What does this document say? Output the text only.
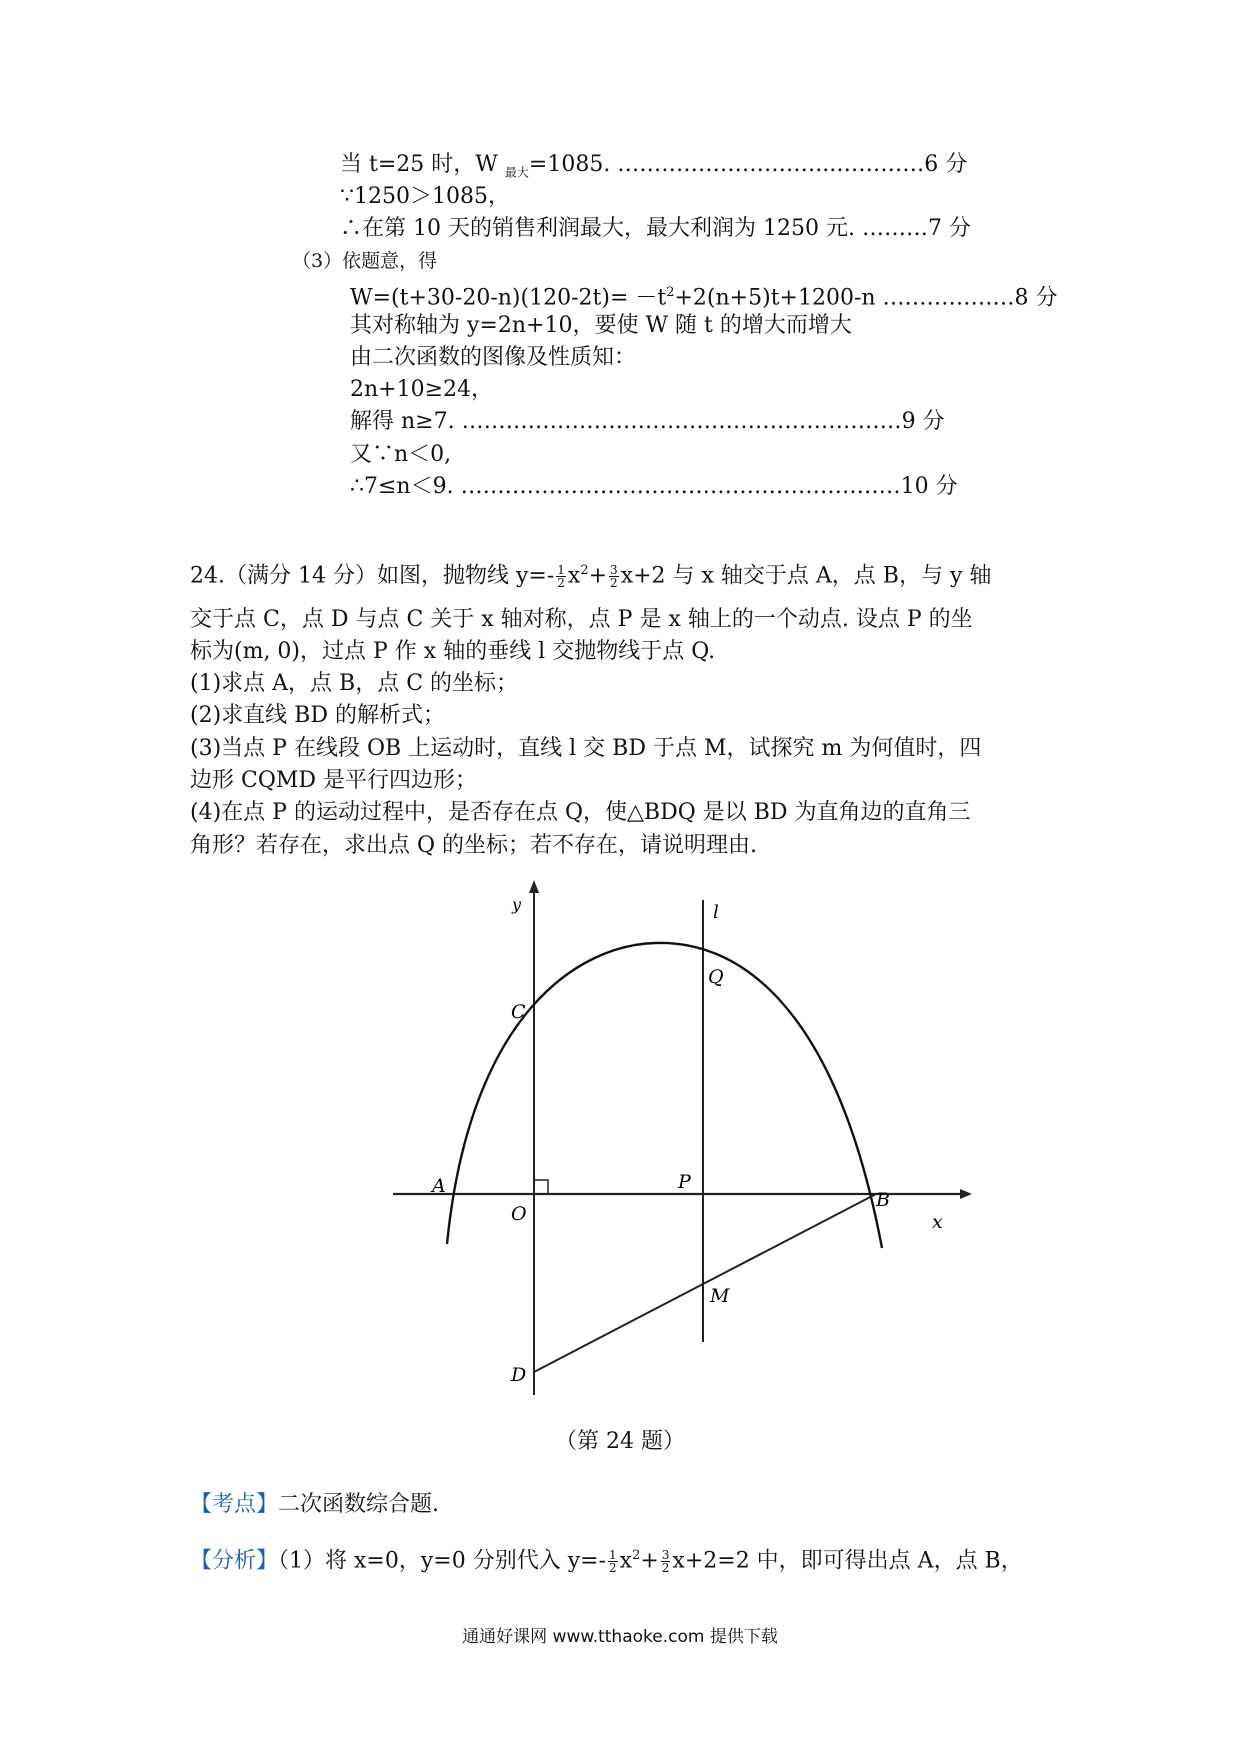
当 t=25 时，W $_{最大}$=1085. ………………………...…………6 分
∵1250＞1085，
∴在第 10 天的销售利润最大，最大利润为 1250 元. ………7 分
（3）依题意，得
$W=(t+30-20-n)(120-2t)= -t^2+2(n+5)t+1200-n$ ………………8 分
其对称轴为 y=2n+10，要使 W 随 t 的增大而增大
由二次函数的图像及性质知：
2n+10≥24，
解得 n≥7. ……………………………………………………9 分
又∵n＜0,
∴7≤n＜9. ……………………………………………………10 分
24.（满分 14 分）如图，抛物线 $y=- \frac{1}{2} x^2+ \frac{3}{2} x+2$ 与 x 轴交于点 A，点 B，与 y 轴
交于点 C，点 D 与点 C 关于 x 轴对称，点 P 是 x 轴上的一个动点. 设点 P 的坐
标为(m, 0)，过点 P 作 x 轴的垂线 l 交抛物线于点 Q.
(1)求点 A，点 B，点 C 的坐标；
(2)求直线 BD 的解析式；
(3)当点 P 在线段 OB 上运动时，直线 l 交 BD 于点 M，试探究 m 为何值时，四
边形 CQMD 是平行四边形；
(4)在点 P 的运动过程中，是否存在点 Q，使△BDQ 是以 BD 为直角边的直角三
角形？若存在，求出点 Q 的坐标；若不存在，请说明理由.
y	l
Q
C
A	P
O
B
x
M
D
（第 24 题）
【考点】二次函数综合题.
【分析】（1）将 x=0，y=0 分别代入 $y=- \frac{1}{2} x^2+ \frac{3}{2} x+2=2$ 中，即可得出点 A，点 B，
通通好课网 www.tthaoke.com 提供下载
